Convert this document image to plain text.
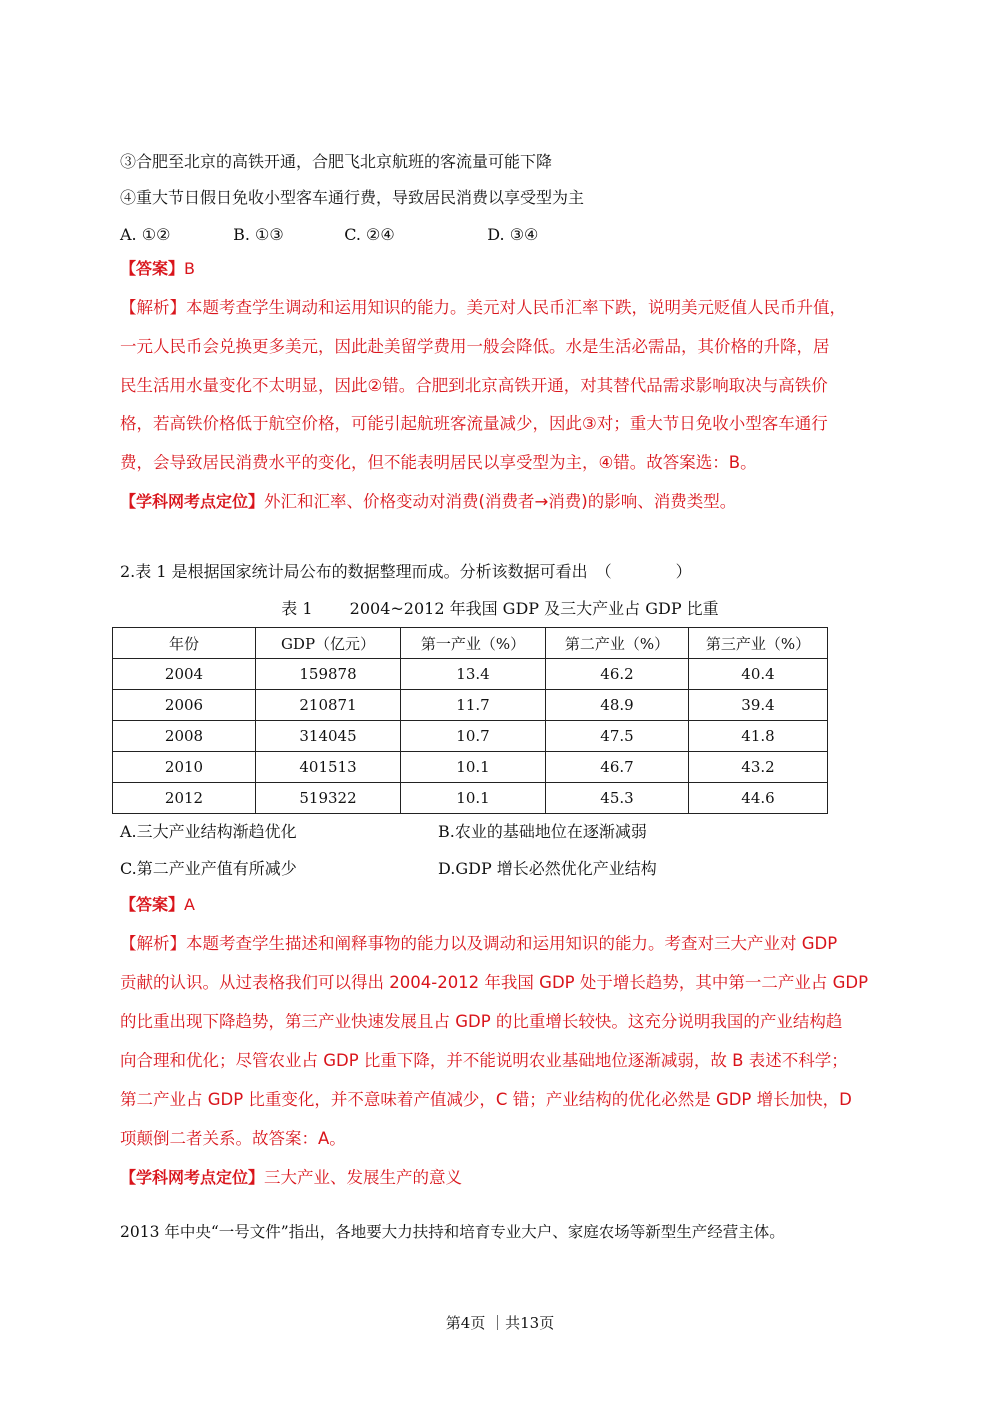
③合肥至北京的高铁开通，合肥飞北京航班的客流量可能下降
④重大节日假日免收小型客车通行费，导致居民消费以享受型为主
A. ①②	B. ①③	C. ②④	D. ③④
【答案】B
【解析】本题考查学生调动和运用知识的能力。美元对人民币汇率下跌，说明美元贬值人民币升值，
一元人民币会兑换更多美元，因此赴美留学费用一般会降低。水是生活必需品，其价格的升降，居
民生活用水量变化不太明显，因此②错。合肥到北京高铁开通，对其替代品需求影响取决与高铁价
格，若高铁价格低于航空价格，可能引起航班客流量减少，因此③对；重大节日免收小型客车通行
费，会导致居民消费水平的变化，但不能表明居民以享受型为主，④错。故答案选：B。
【学科网考点定位】外汇和汇率、价格变动对消费(消费者→消费)的影响、消费类型。
2.表 1 是根据国家统计局公布的数据整理而成。分析该数据可看出　（　　　　）
表 1　　 2004~2012 年我国 GDP 及三大产业占 GDP 比重
年份	GDP（亿元）	第一产业（%）	第二产业（%）	第三产业（%）
2004	159878	13.4	46.2	40.4
2006	210871	11.7	48.9	39.4
2008	314045	10.7	47.5	41.8
2010	401513	10.1	46.7	43.2
2012	519322	10.1	45.3	44.6
A.三大产业结构渐趋优化	B.农业的基础地位在逐渐减弱
C.第二产业产值有所减少	D.GDP 增长必然优化产业结构
【答案】A
【解析】本题考查学生描述和阐释事物的能力以及调动和运用知识的能力。考查对三大产业对 GDP
贡献的认识。从过表格我们可以得出 2004-2012 年我国 GDP 处于增长趋势，其中第一二产业占 GDP
的比重出现下降趋势，第三产业快速发展且占 GDP 的比重增长较快。这充分说明我国的产业结构趋
向合理和优化；尽管农业占 GDP 比重下降，并不能说明农业基础地位逐渐减弱，故 B 表述不科学；
第二产业占 GDP 比重变化，并不意味着产值减少，C 错；产业结构的优化必然是 GDP 增长加快，D
项颠倒二者关系。故答案：A。
【学科网考点定位】三大产业、发展生产的意义
2013 年中央“一号文件”指出，各地要大力扶持和培育专业大户、家庭农场等新型生产经营主体。
第4页 ｜共13页
